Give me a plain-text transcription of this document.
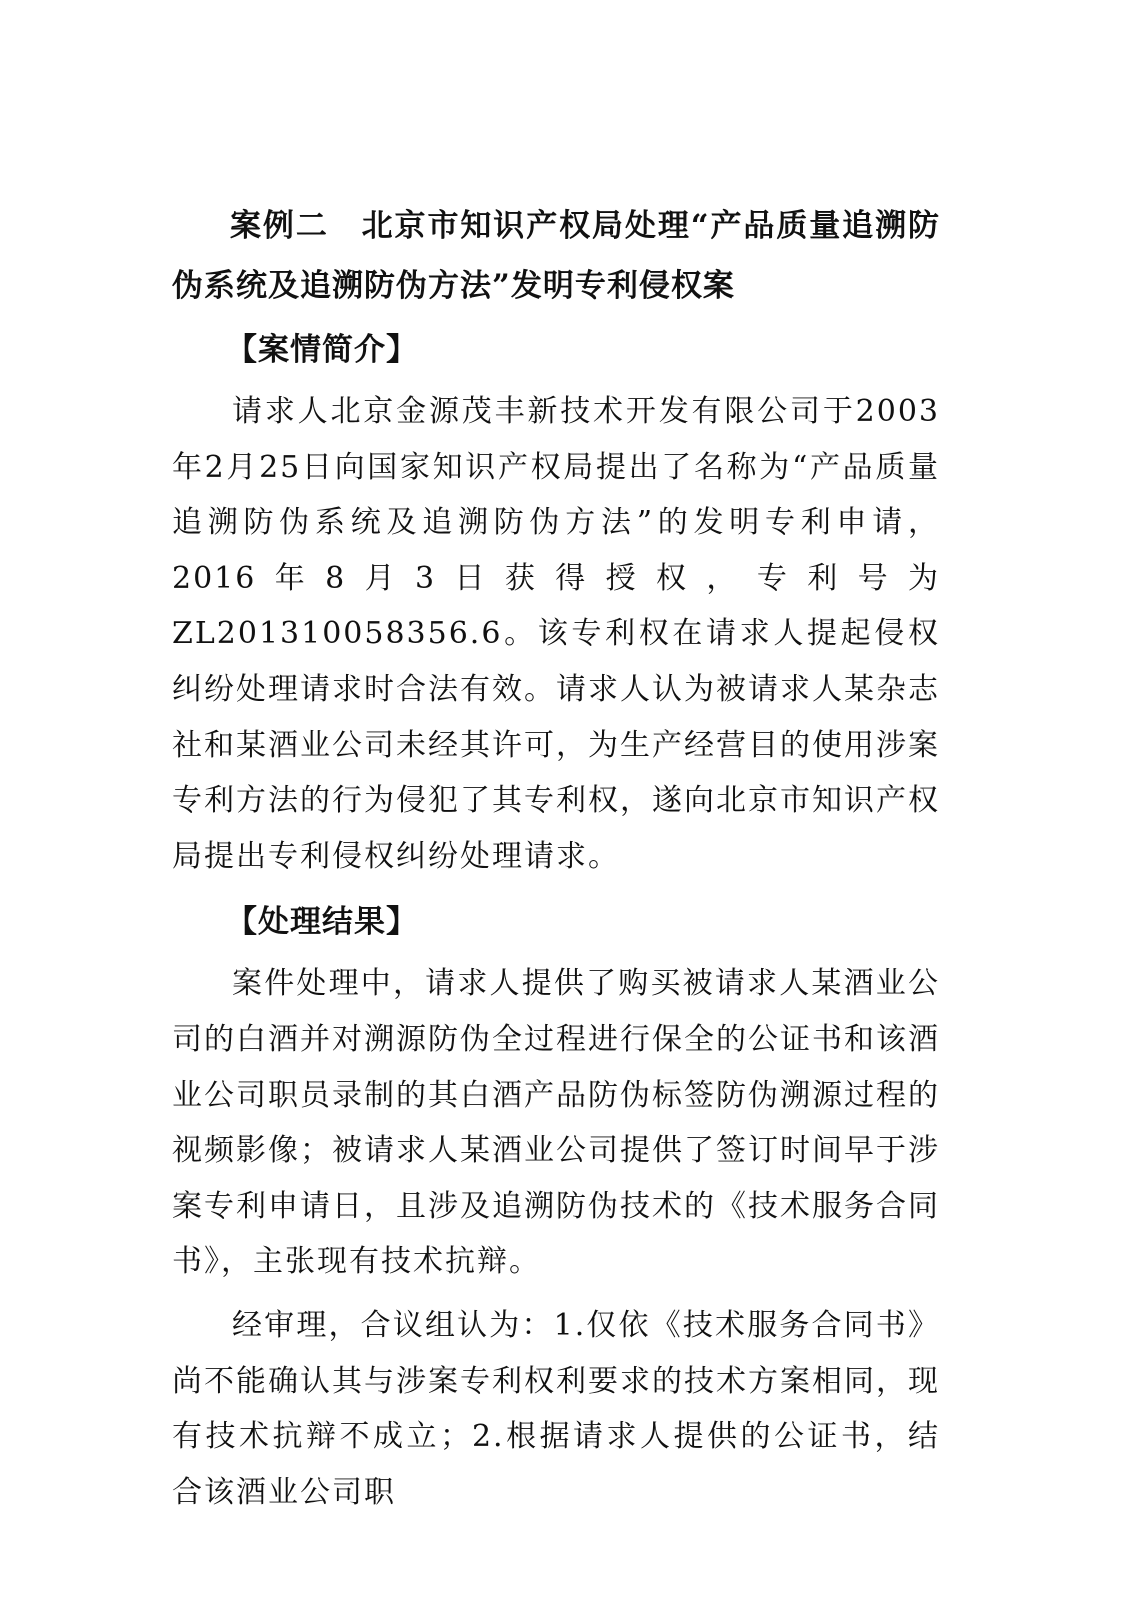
案例二　北京市知识产权局处理“产品质量追溯防伪系统及追溯防伪方法”发明专利侵权案

【案情简介】

请求人北京金源茂丰新技术开发有限公司于2003年2月25日向国家知识产权局提出了名称为“产品质量追溯防伪系统及追溯防伪方法”的发明专利申请，2016年8月3日获得授权，专利号为ZL201310058356.6。该专利权在请求人提起侵权纠纷处理请求时合法有效。请求人认为被请求人某杂志社和某酒业公司未经其许可，为生产经营目的使用涉案专利方法的行为侵犯了其专利权，遂向北京市知识产权局提出专利侵权纠纷处理请求。

【处理结果】

案件处理中，请求人提供了购买被请求人某酒业公司的白酒并对溯源防伪全过程进行保全的公证书和该酒业公司职员录制的其白酒产品防伪标签防伪溯源过程的视频影像；被请求人某酒业公司提供了签订时间早于涉案专利申请日，且涉及追溯防伪技术的《技术服务合同书》，主张现有技术抗辩。

经审理，合议组认为：1.仅依《技术服务合同书》尚不能确认其与涉案专利权利要求的技术方案相同，现有技术抗辩不成立；2.根据请求人提供的公证书，结合该酒业公司职
